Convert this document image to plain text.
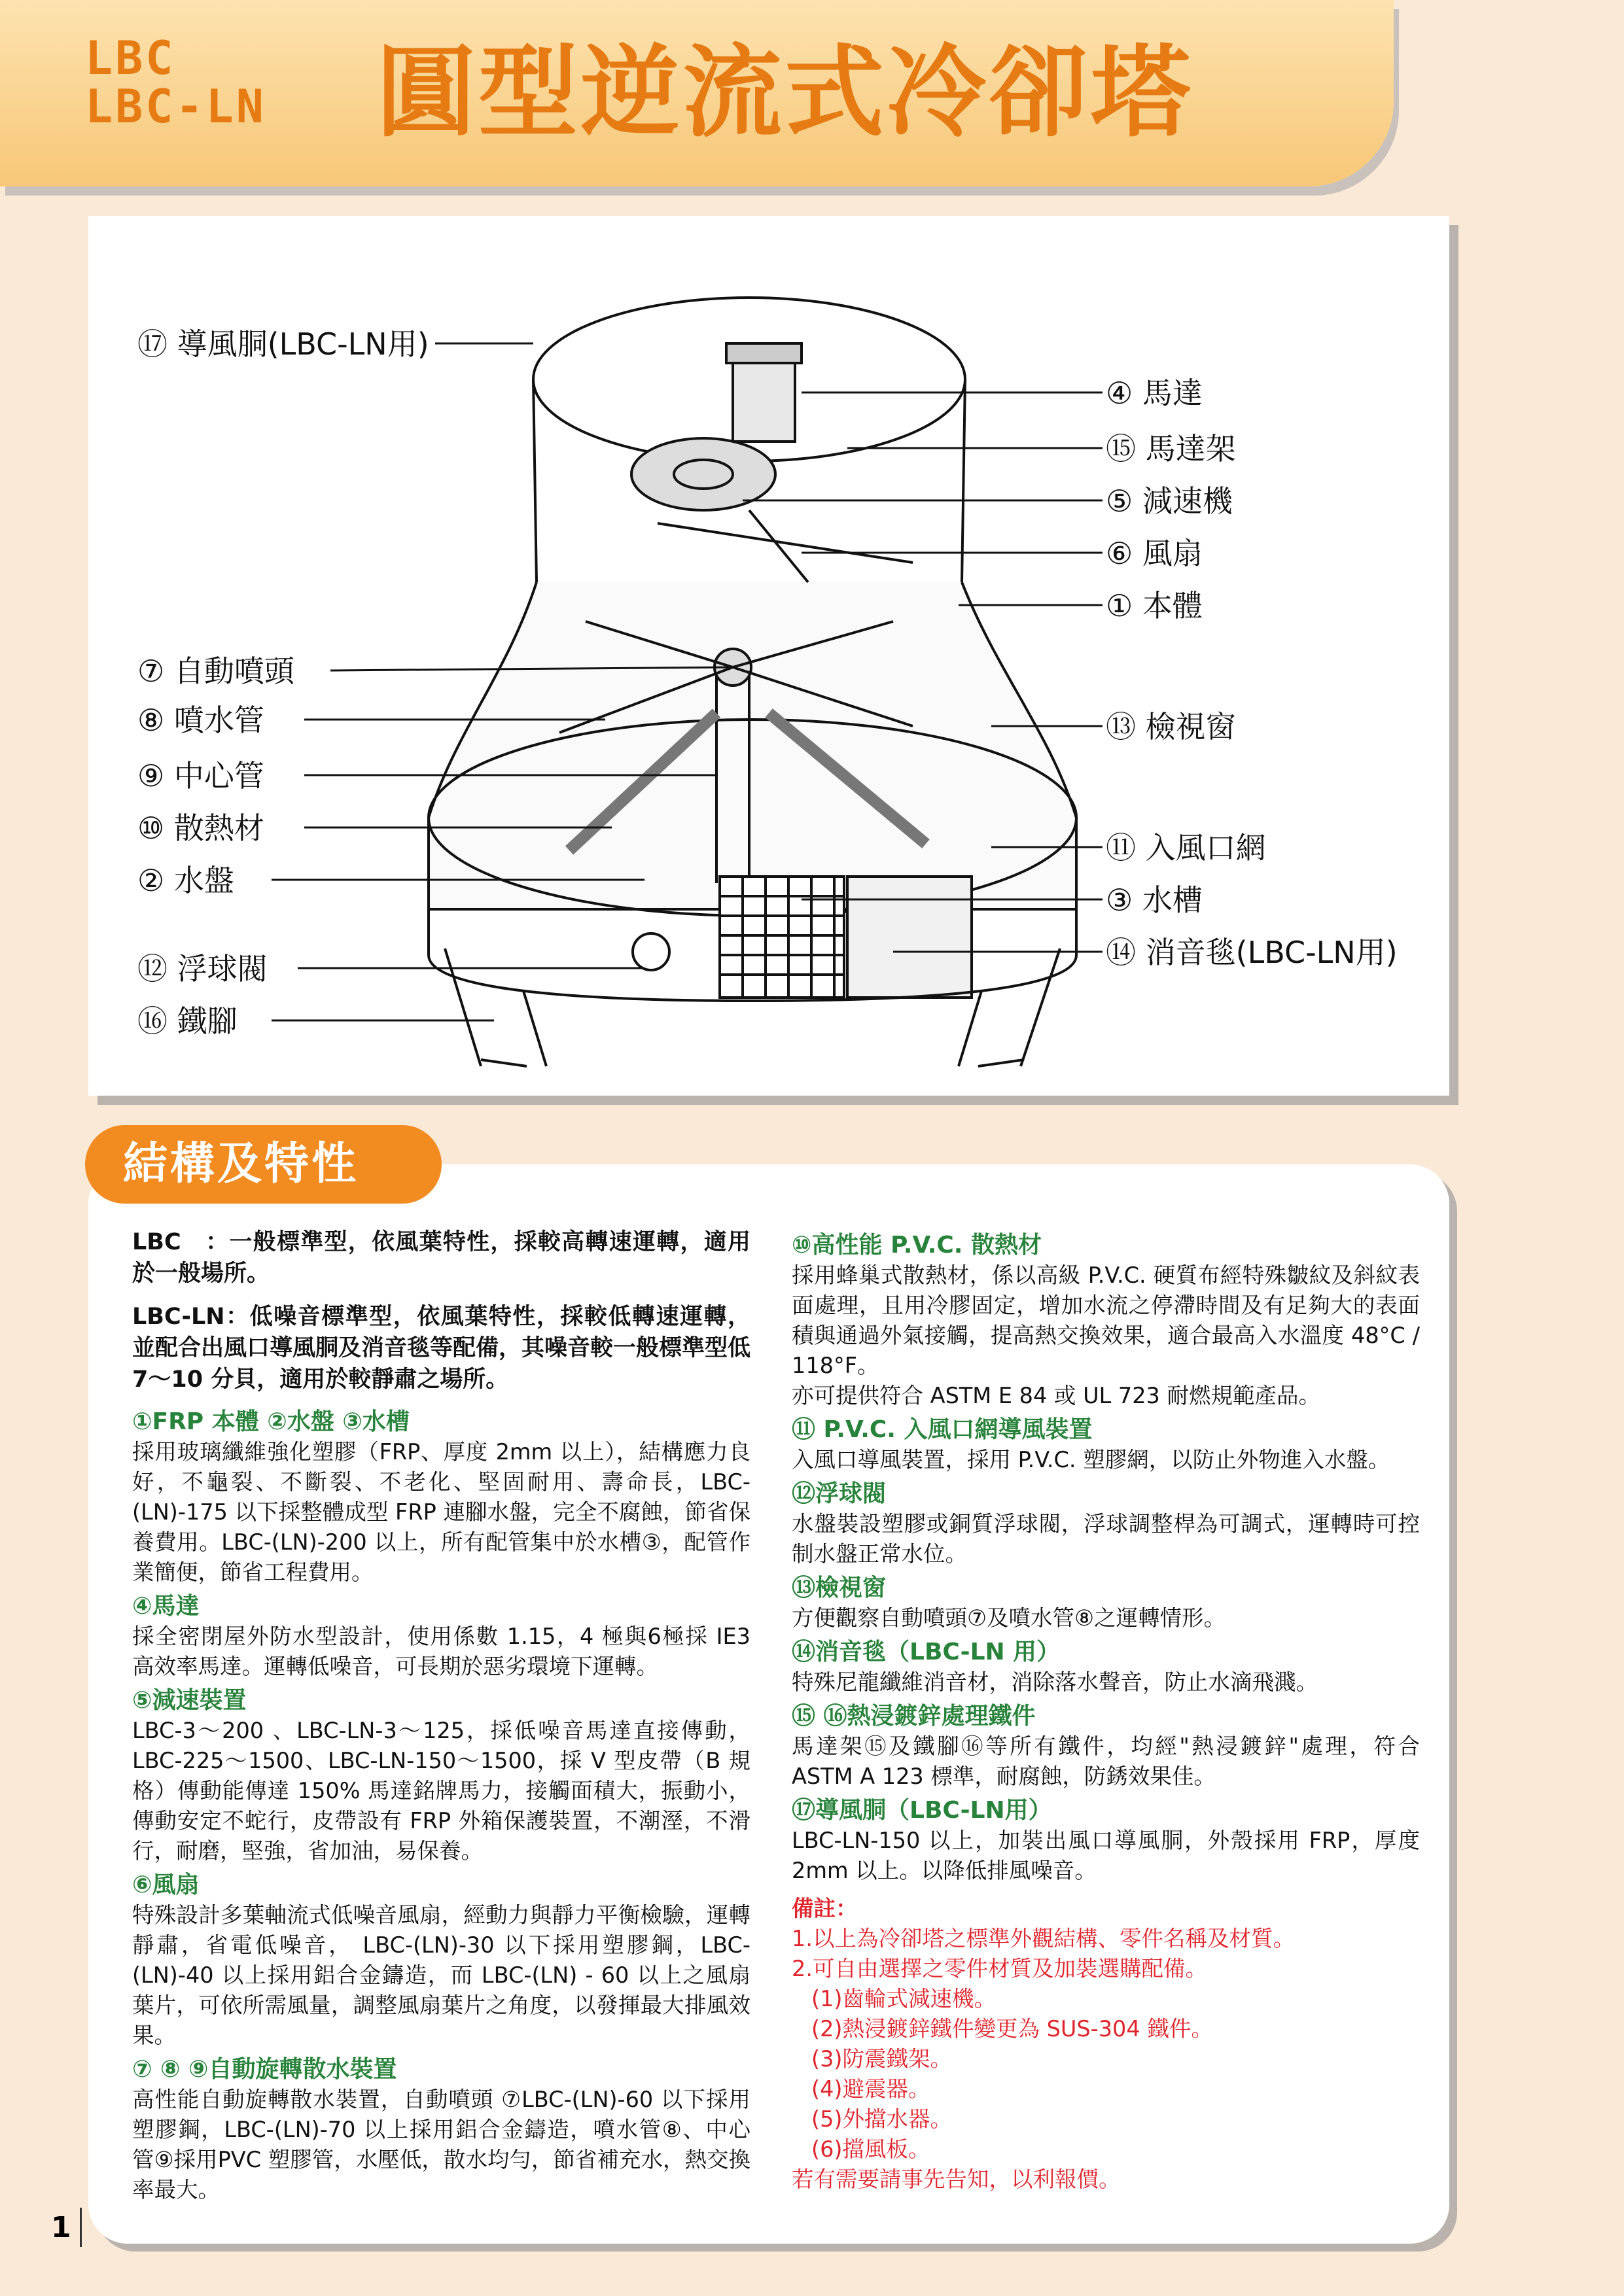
LBC
LBC-LN 圓型逆流式冷卻塔
⑰ 導風胴(LBC-LN用)
⑦ 自動噴頭
⑧ 噴水管
⑨ 中心管
⑩ 散熱材
② 水盤
⑫ 浮球閥
⑯ 鐵腳
④ 馬達
⑮ 馬達架
⑤ 減速機
⑥ 風扇
① 本體
⑬ 檢視窗
⑪ 入風口網
③ 水槽
⑭ 消音毯(LBC-LN用)
LBC　：一般標準型，依風葉特性，採較高轉速運轉，適用於一般場所。
LBC-LN：低噪音標準型，依風葉特性，採較低轉速運轉，並配合出風口導風胴及消音毯等配備，其噪音較一般標準型低 7～10 分貝，適用於較靜肅之場所。
①FRP 本體 ②水盤 ③水槽
採用玻璃纖維強化塑膠（FRP、厚度 2mm 以上），結構應力良好，不龜裂、不斷裂、不老化、堅固耐用、壽命長，LBC-(LN)-175 以下採整體成型 FRP 連腳水盤，完全不腐蝕，節省保養費用。LBC-(LN)-200 以上，所有配管集中於水槽③，配管作業簡便，節省工程費用。
④馬達
採全密閉屋外防水型設計，使用係數 1.15，4 極與6極採 IE3 高效率馬達。運轉低噪音，可長期於惡劣環境下運轉。
⑤減速裝置
LBC-3～200 、LBC-LN-3～125，採低噪音馬達直接傳動，LBC-225～1500、LBC-LN-150～1500，採 V 型皮帶（B 規格）傳動能傳達 150% 馬達銘牌馬力，接觸面積大，振動小，傳動安定不蛇行，皮帶設有 FRP 外箱保護裝置，不潮溼，不滑行，耐磨，堅強，省加油，易保養。
⑥風扇
特殊設計多葉軸流式低噪音風扇，經動力與靜力平衡檢驗，運轉靜肅，省電低噪音， LBC-(LN)-30 以下採用塑膠鋼，LBC-(LN)-40 以上採用鋁合金鑄造，而 LBC-(LN) - 60 以上之風扇葉片，可依所需風量，調整風扇葉片之角度，以發揮最大排風效果。
⑦ ⑧ ⑨自動旋轉散水裝置
高性能自動旋轉散水裝置，自動噴頭 ⑦LBC-(LN)-60 以下採用塑膠鋼，LBC-(LN)-70 以上採用鋁合金鑄造，噴水管⑧、中心管⑨採用PVC 塑膠管，水壓低，散水均勻，節省補充水，熱交換率最大。
⑩高性能 P.V.C. 散熱材
採用蜂巢式散熱材，係以高級 P.V.C. 硬質布經特殊皺紋及斜紋表面處理，且用冷膠固定，增加水流之停滯時間及有足夠大的表面積與通過外氣接觸，提高熱交換效果，適合最高入水溫度 48°C / 118°F。
亦可提供符合 ASTM E 84 或 UL 723 耐燃規範產品。
⑪ P.V.C. 入風口網導風裝置
入風口導風裝置，採用 P.V.C. 塑膠網，以防止外物進入水盤。
⑫浮球閥
水盤裝設塑膠或銅質浮球閥，浮球調整桿為可調式，運轉時可控制水盤正常水位。
⑬檢視窗
方便觀察自動噴頭⑦及噴水管⑧之運轉情形。
⑭消音毯（LBC-LN 用）
特殊尼龍纖維消音材，消除落水聲音，防止水滴飛濺。
⑮ ⑯熱浸鍍鋅處理鐵件
馬達架⑮及鐵腳⑯等所有鐵件，均經"熱浸鍍鋅"處理，符合 ASTM A 123 標準，耐腐蝕，防銹效果佳。
⑰導風胴（LBC-LN用）
LBC-LN-150 以上，加裝出風口導風胴，外殼採用 FRP，厚度 2mm 以上。以降低排風噪音。
備註：
1.以上為冷卻塔之標準外觀結構、零件名稱及材質。
2.可自由選擇之零件材質及加裝選購配備。
(1)齒輪式減速機。
(2)熱浸鍍鋅鐵件變更為 SUS-304 鐵件。
(3)防震鐵架。
(4)避震器。
(5)外擋水器。
(6)擋風板。
若有需要請事先告知，以利報價。
結構及特性
1
